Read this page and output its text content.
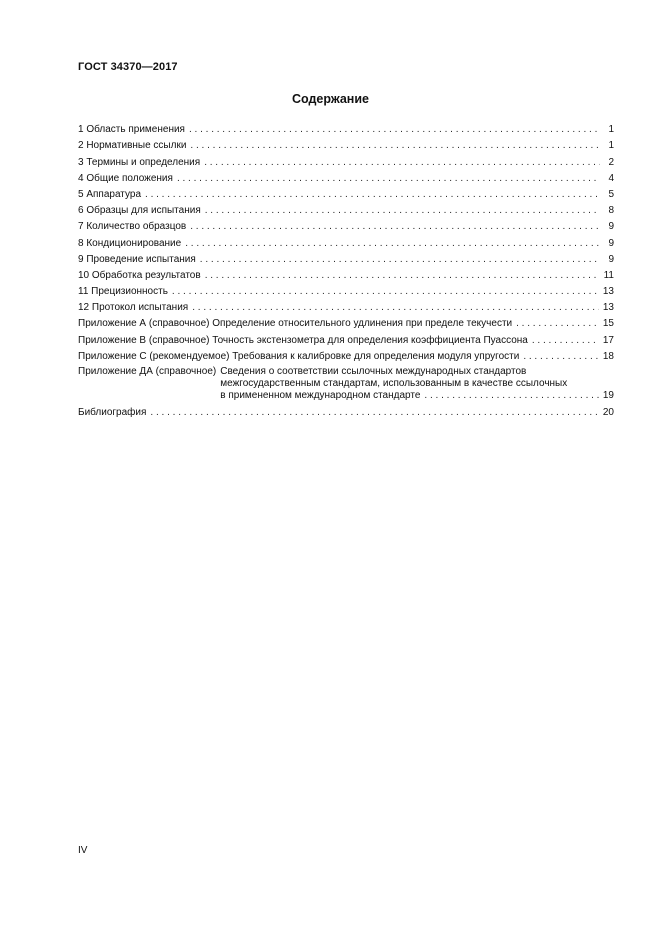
ГОСТ 34370—2017
Содержание
1 Область применения . . .	1
2 Нормативные ссылки . . .	1
3 Термины и определения . . .	2
4 Общие положения . . .	4
5 Аппаратура . . .	5
6 Образцы для испытания . . .	8
7 Количество образцов . . .	9
8 Кондиционирование . . .	9
9 Проведение испытания . . .	9
10 Обработка результатов . . .	11
11 Прецизионность . . .	13
12 Протокол испытания . . .	13
Приложение А (справочное) Определение относительного удлинения при пределе текучести . . .	15
Приложение В (справочное) Точность экстензометра для определения коэффициента Пуассона . . .	17
Приложение С (рекомендуемое) Требования к калибровке для определения модуля упругости . . .	18
Приложение ДА (справочное) Сведения о соответствии ссылочных международных стандартов
межгосударственным стандартам, использованным в качестве ссылочных
в примененном международном стандарте . . .	19
Библиография . . .	20
IV
